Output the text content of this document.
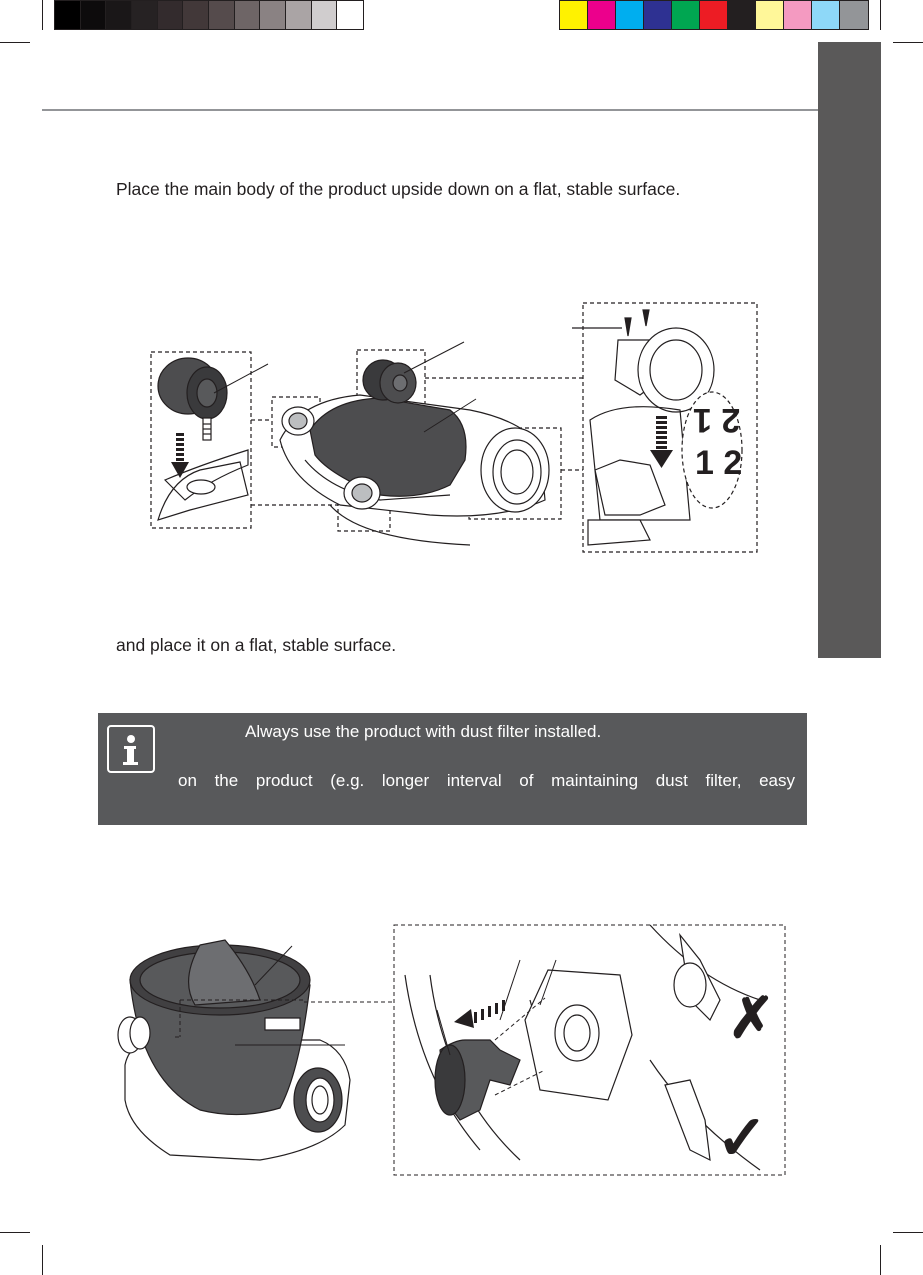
Place the main body of the product upside down on a flat, stable surface.
2 1
1 2
and place it on a flat, stable surface.
Always use the product with dust filter installed.
on the product (e.g. longer interval of maintaining dust filter, easy
✗
✓
